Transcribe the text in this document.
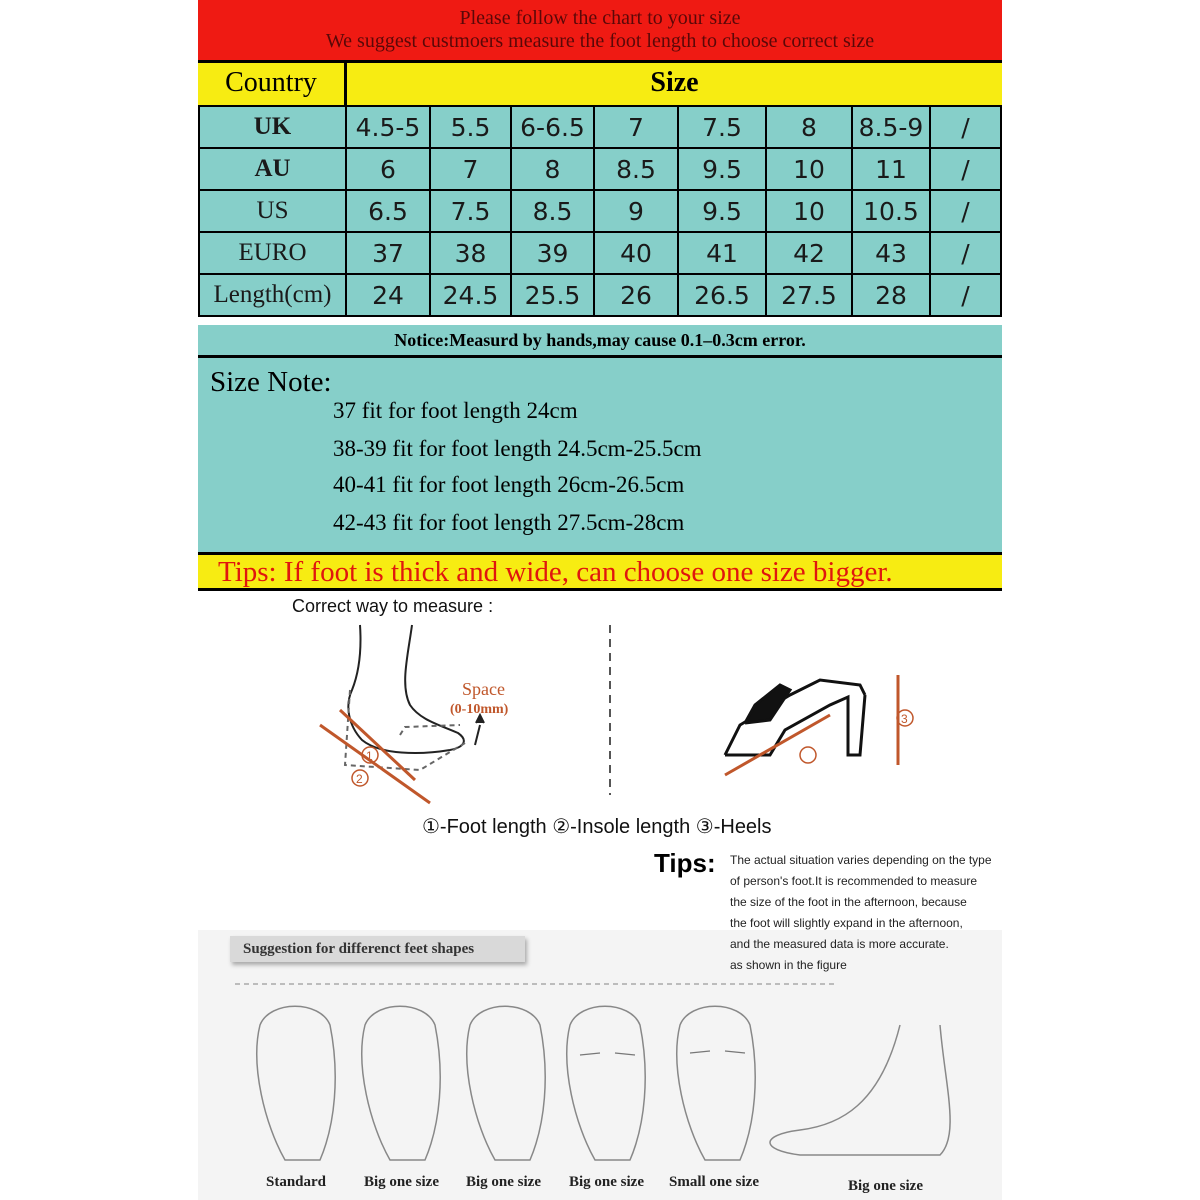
Please follow the chart to your size
We suggest custmoers measure the foot length to choose correct size
Country	Size
UK	4.5-5	5.5	6-6.5	7	7.5	8	8.5-9	/
AU	6	7	8	8.5	9.5	10	11	/
US	6.5	7.5	8.5	9	9.5	10	10.5	/
EURO	37	38	39	40	41	42	43	/
Length(cm)	24	24.5	25.5	26	26.5	27.5	28	/
Notice:Measurd by hands,may cause 0.1–0.3cm error.
Size Note:
37 fit for foot length 24cm
38-39 fit for foot length 24.5cm-25.5cm
40-41 fit for foot length 26cm-26.5cm
42-43 fit for foot length 27.5cm-28cm
Tips: If foot is thick and wide, can choose one size bigger.
Correct way to measure :
Space
(0-10mm)
1
2
3
①-Foot length ②-Insole length ③-Heels
Tips: The actual situation varies depending on the type
of person's foot.It is recommended to measure
the size of the foot in the afternoon, because
the foot will slightly expand in the afternoon,
and the measured data is more accurate.
as shown in the figure
Suggestion for differenct feet shapes
Standard	Big one size Big one size Big one size Small one size	Big one size
